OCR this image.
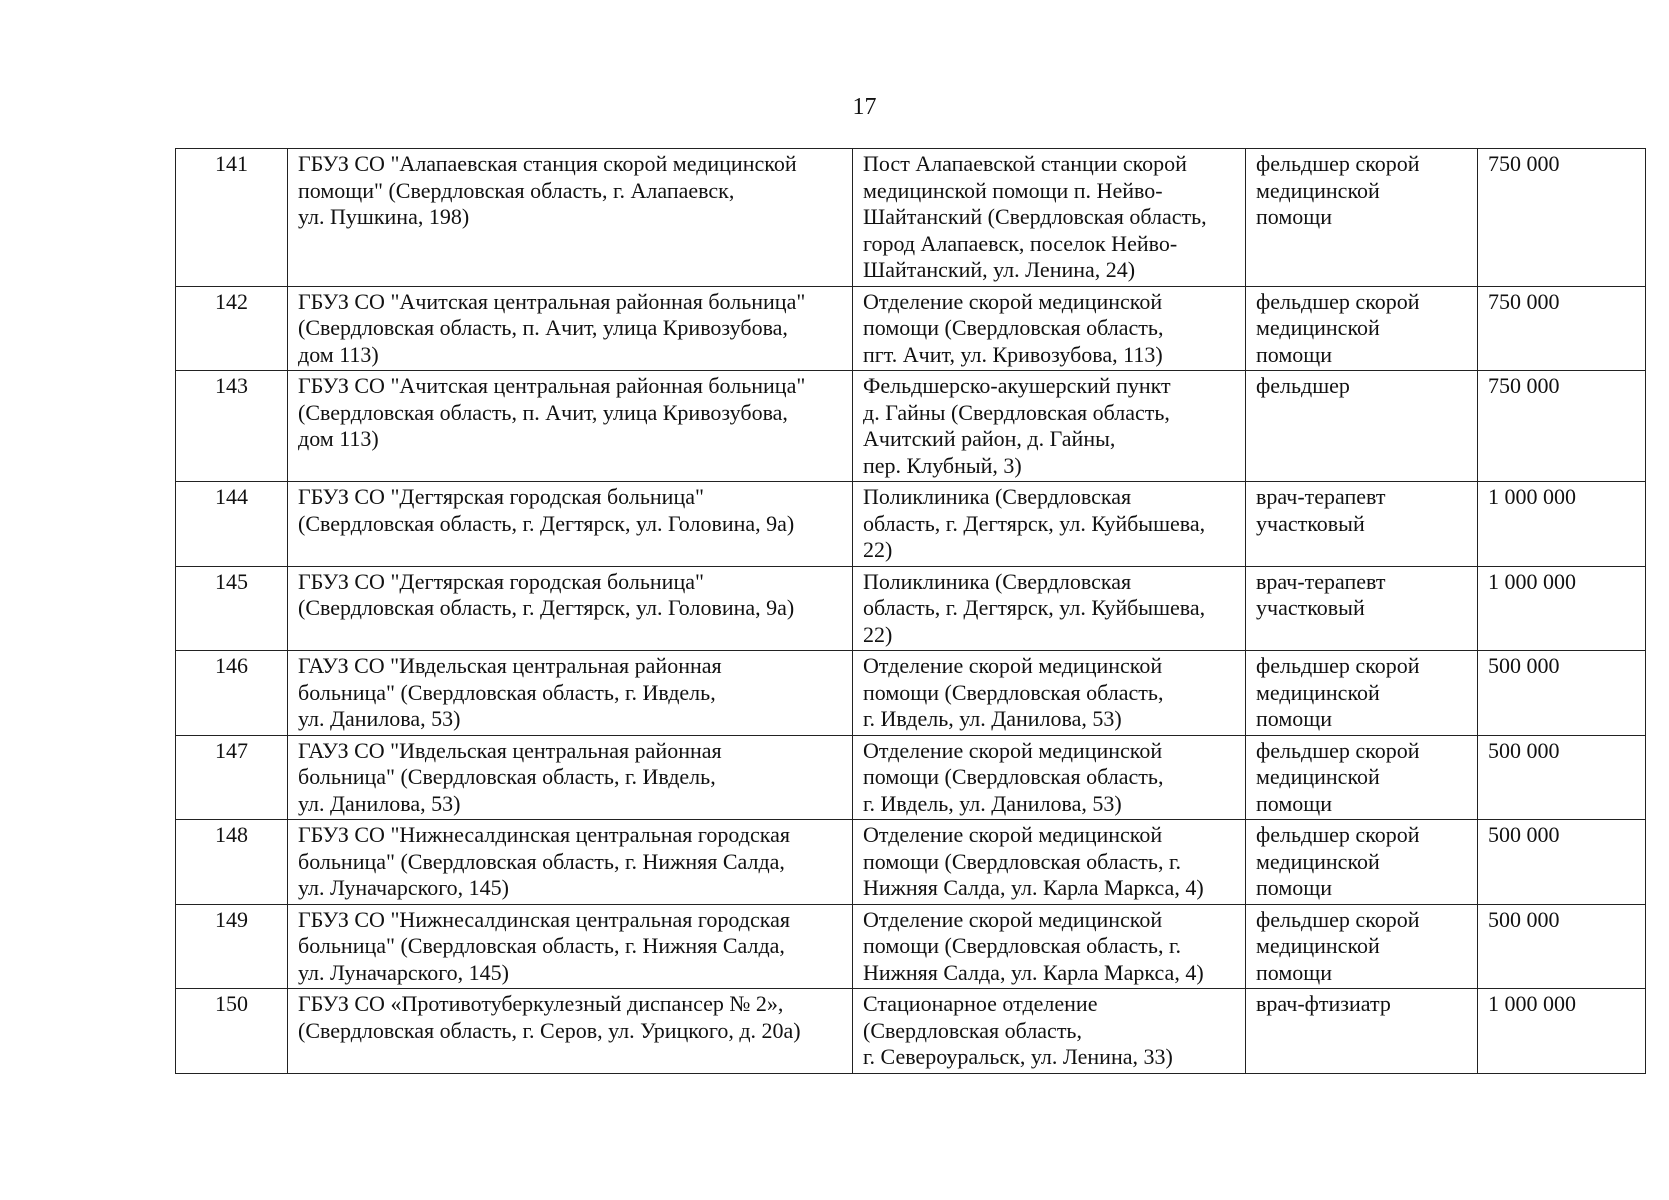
17
141	ГБУЗ СО "Алапаевская станция скорой медицинской
помощи" (Свердловская область, г. Алапаевск,
ул. Пушкина, 198)	Пост Алапаевской станции скорой
медицинской помощи п. Нейво-
Шайтанский (Свердловская область,
город Алапаевск, поселок Нейво-
Шайтанский, ул. Ленина, 24)	фельдшер скорой
медицинской
помощи	750 000

142	ГБУЗ СО "Ачитская центральная районная больница"
(Свердловская область, п. Ачит, улица Кривозубова,
дом 113)	Отделение скорой медицинской
помощи (Свердловская область,
пгт. Ачит, ул. Кривозубова, 113)	фельдшер скорой
медицинской
помощи	750 000

143	ГБУЗ СО "Ачитская центральная районная больница"
(Свердловская область, п. Ачит, улица Кривозубова,
дом 113)	Фельдшерско-акушерский пункт
д. Гайны (Свердловская область,
Ачитский район, д. Гайны,
пер. Клубный, 3)	фельдшер	750 000

144	ГБУЗ СО "Дегтярская городская больница"
(Свердловская область, г. Дегтярск, ул. Головина, 9а)	Поликлиника (Свердловская
область, г. Дегтярск, ул. Куйбышева,
22)	врач-терапевт
участковый	1 000 000

145	ГБУЗ СО "Дегтярская городская больница"
(Свердловская область, г. Дегтярск, ул. Головина, 9а)	Поликлиника (Свердловская
область, г. Дегтярск, ул. Куйбышева,
22)	врач-терапевт
участковый	1 000 000

146	ГАУЗ СО "Ивдельская центральная районная
больница" (Свердловская область, г. Ивдель,
ул. Данилова, 53)	Отделение скорой медицинской
помощи (Свердловская область,
г. Ивдель, ул. Данилова, 53)	фельдшер скорой
медицинской
помощи	500 000

147	ГАУЗ СО "Ивдельская центральная районная
больница" (Свердловская область, г. Ивдель,
ул. Данилова, 53)	Отделение скорой медицинской
помощи (Свердловская область,
г. Ивдель, ул. Данилова, 53)	фельдшер скорой
медицинской
помощи	500 000

148	ГБУЗ СО "Нижнесалдинская центральная городская
больница" (Свердловская область, г. Нижняя Салда,
ул. Луначарского, 145)	Отделение скорой медицинской
помощи (Свердловская область, г.
Нижняя Салда, ул. Карла Маркса, 4)	фельдшер скорой
медицинской
помощи	500 000

149	ГБУЗ СО "Нижнесалдинская центральная городская
больница" (Свердловская область, г. Нижняя Салда,
ул. Луначарского, 145)	Отделение скорой медицинской
помощи (Свердловская область, г.
Нижняя Салда, ул. Карла Маркса, 4)	фельдшер скорой
медицинской
помощи	500 000

150	ГБУЗ СО «Противотуберкулезный диспансер № 2»,
(Свердловская область, г. Серов, ул. Урицкого, д. 20а)	Стационарное отделение
(Свердловская область,
г. Североуральск, ул. Ленина, 33)	врач-фтизиатр	1 000 000
